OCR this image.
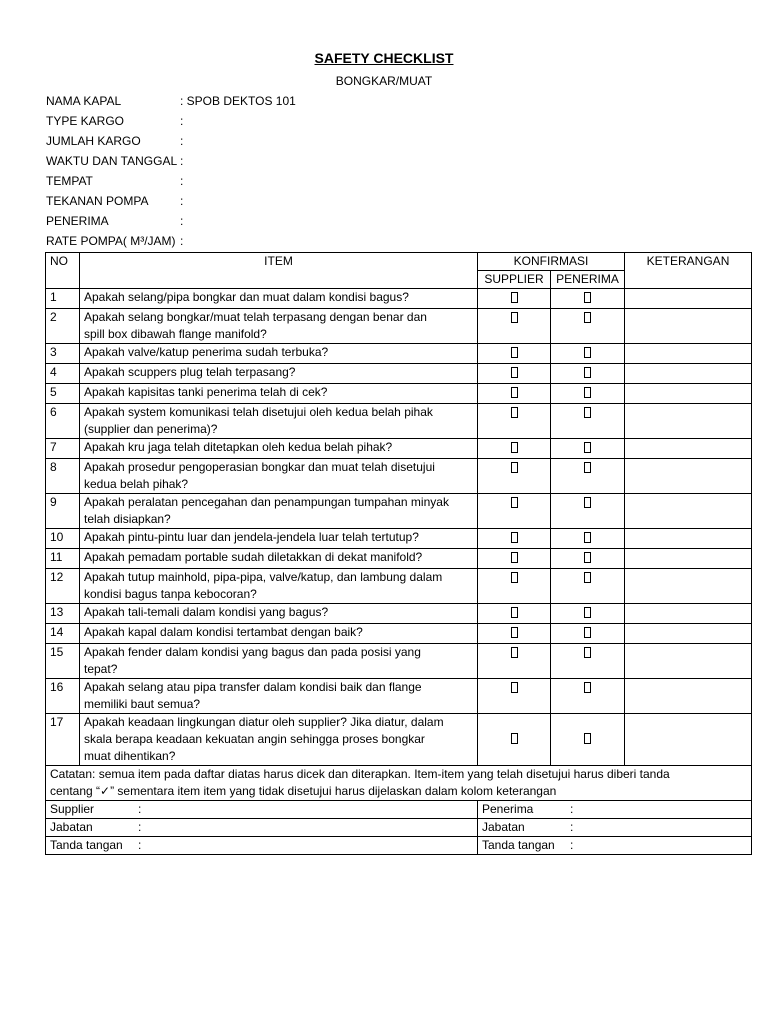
SAFETY CHECKLIST
BONGKAR/MUAT
NAMA KAPAL	: SPOB DEKTOS 101
TYPE KARGO	:
JUMLAH KARGO	:
WAKTU DAN TANGGAL :
TEMPAT	:
TEKANAN POMPA	:
PENERIMA	:
RATE POMPA( M³/JAM) :
NO	ITEM	KONFIRMASI		KETERANGAN
		SUPPLIER	PENERIMA	
1	Apakah selang/pipa bongkar dan muat dalam kondisi bagus?			

2	Apakah selang bongkar/muat telah terpasang dengan benar dan
spill box dibawah flange manifold?			

3	Apakah valve/katup penerima sudah terbuka?			

4	Apakah scuppers plug telah terpasang?			

5	Apakah kapisitas tanki penerima telah di cek?			

6	Apakah system komunikasi telah disetujui oleh kedua belah pihak
(supplier dan penerima)?			

7	Apakah kru jaga telah ditetapkan oleh kedua belah pihak?			

8	Apakah prosedur pengoperasian bongkar dan muat telah disetujui
kedua belah pihak?			

9	Apakah peralatan pencegahan dan penampungan tumpahan minyak
telah disiapkan?			

10	Apakah pintu-pintu luar dan jendela-jendela luar telah tertutup?			

11	Apakah pemadam portable sudah diletakkan di dekat manifold?			

12	Apakah tutup mainhold, pipa-pipa, valve/katup, dan lambung dalam
kondisi bagus tanpa kebocoran?			

13	Apakah tali-temali dalam kondisi yang bagus?			

14	Apakah kapal dalam kondisi tertambat dengan baik?			

15	Apakah fender dalam kondisi yang bagus dan pada posisi yang
tepat?			

16	Apakah selang atau pipa transfer dalam kondisi baik dan flange
memiliki baut semua?			

17	Apakah keadaan lingkungan diatur oleh supplier? Jika diatur, dalam
skala berapa keadaan kekuatan angin sehingga proses bongkar
muat dihentikan?			

Catatan: semua item pada daftar diatas harus dicek dan diterapkan. Item-item yang telah disetujui harus diberi tanda
centang “✓” sementara item item yang tidak disetujui harus dijelaskan dalam kolom keterangan				

Supplier :		Penerima :		
Jabatan :		Jabatan :		
Tanda tangan :		Tanda tangan :		
